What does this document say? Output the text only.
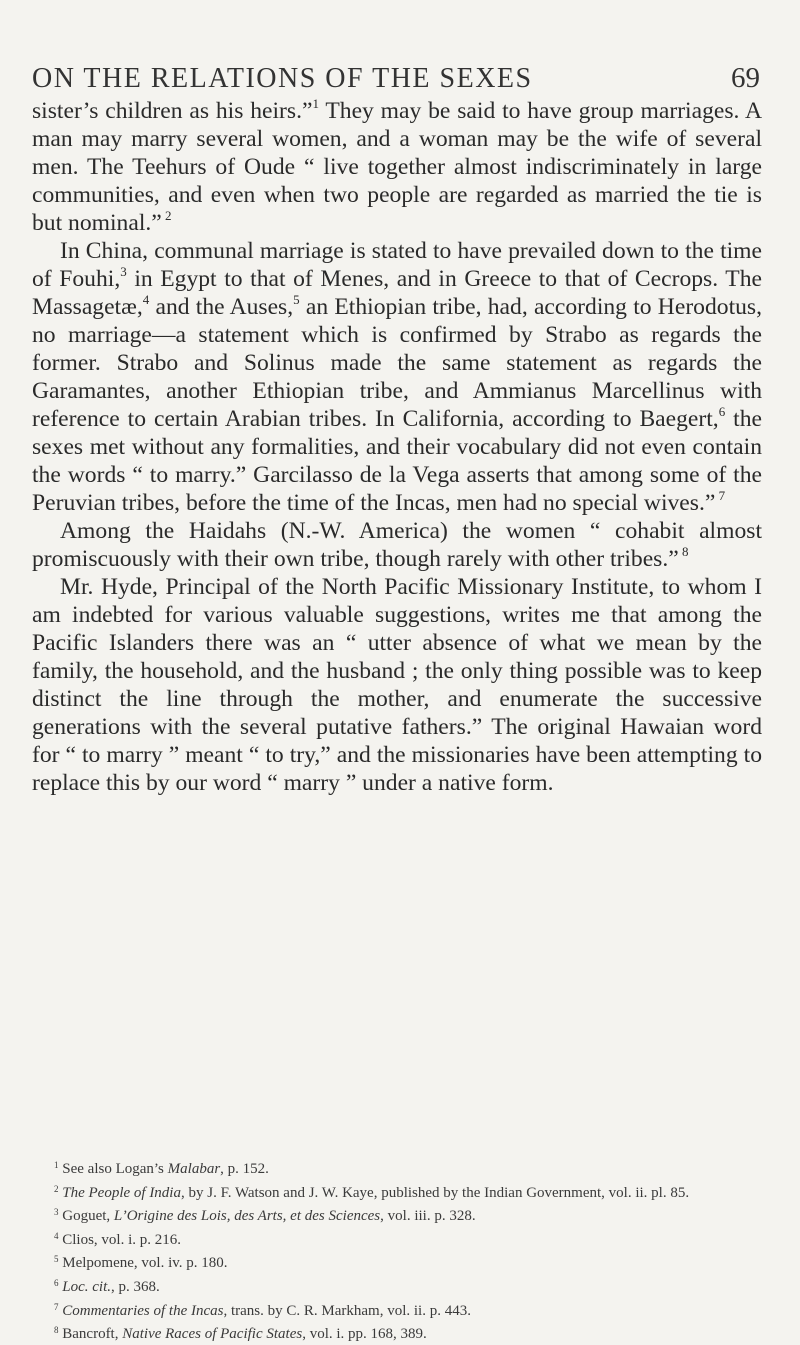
ON THE RELATIONS OF THE SEXES	69

sister’s children as his heirs.”$^1$ They may be said to have group marriages. A man may marry several women, and a woman may be the wife of several men. The Teehurs of Oude “ live together almost indiscriminately in large communities, and even when two people are regarded as married the tie is but nominal.” $^2$

In China, communal marriage is stated to have prevailed down to the time of Fouhi,$^3$ in Egypt to that of Menes, and in Greece to that of Cecrops. The Massagetæ,$^4$ and the Auses,$^5$ an Ethiopian tribe, had, according to Herodotus, no marriage—a statement which is confirmed by Strabo as regards the former. Strabo and Solinus made the same statement as regards the Garamantes, another Ethiopian tribe, and Ammianus Marcellinus with reference to certain Arabian tribes. In California, according to Baegert,$^6$ the sexes met without any formalities, and their vocabulary did not even contain the words “ to marry.” Garcilasso de la Vega asserts that among some of the Peruvian tribes, before the time of the Incas, men had no special wives.” $^7$

Among the Haidahs (N.-W. America) the women “ cohabit almost promiscuously with their own tribe, though rarely with other tribes.” $^8$

Mr. Hyde, Principal of the North Pacific Missionary Institute, to whom I am indebted for various valuable suggestions, writes me that among the Pacific Islanders there was an “ utter absence of what we mean by the family, the household, and the husband ; the only thing possible was to keep distinct the line through the mother, and enumerate the successive generations with the several putative fathers.” The original Hawaian word for “ to marry ” meant “ to try,” and the missionaries have been attempting to replace this by our word “ marry ” under a native form.

$^1$ See also Logan’s Malabar, p. 152.
$^2$ The People of India, by J. F. Watson and J. W. Kaye, published by the Indian Government, vol. ii. pl. 85.
$^3$ Goguet, L’Origine des Lois, des Arts, et des Sciences, vol. iii. p. 328.
$^4$ Clios, vol. i. p. 216.
$^5$ Melpomene, vol. iv. p. 180.
$^6$ Loc. cit., p. 368.
$^7$ Commentaries of the Incas, trans. by C. R. Markham, vol. ii. p. 443.
$^8$ Bancroft, Native Races of Pacific States, vol. i. pp. 168, 389.
